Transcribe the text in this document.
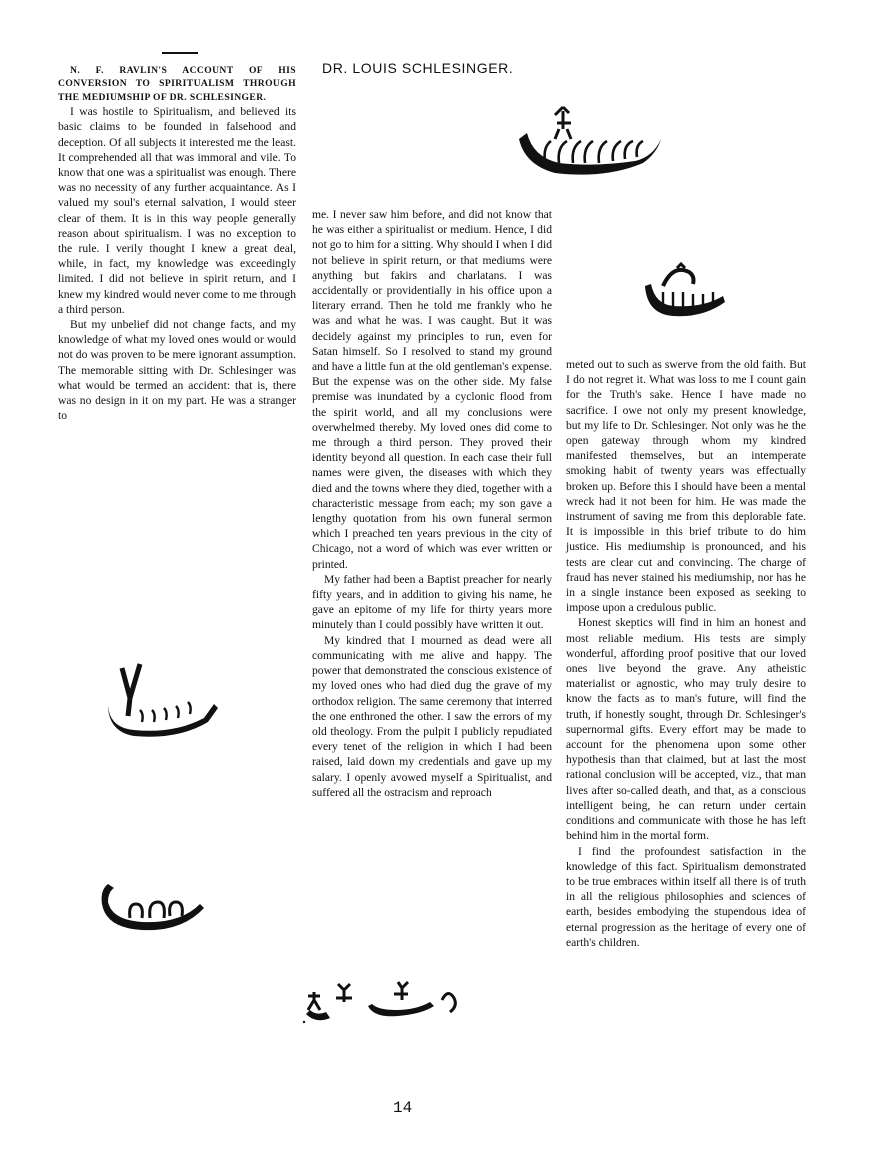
DR. LOUIS SCHLESINGER.

N. F. RAVLIN'S ACCOUNT OF HIS CONVERSION TO SPIRITUALISM THROUGH THE MEDIUMSHIP OF DR. SCHLESINGER.

I was hostile to Spiritualism, and believed its basic claims to be founded in falsehood and deception. Of all subjects it interested me the least. It comprehended all that was immoral and vile. To know that one was a spiritualist was enough. There was no necessity of any further acquaintance. As I valued my soul's eternal salvation, I would steer clear of them. It is in this way people generally reason about spiritualism. I was no exception to the rule. I verily thought I knew a great deal, while, in fact, my knowledge was exceedingly limited. I did not believe in spirit return, and I knew my kindred would never come to me through a third person.

But my unbelief did not change facts, and my knowledge of what my loved ones would or would not do was proven to be mere ignorant assumption. The memorable sitting with Dr. Schlesinger was what would be termed an accident: that is, there was no design in it on my part. He was a stranger to

me. I never saw him before, and did not know that he was either a spiritualist or medium. Hence, I did not go to him for a sitting. Why should I when I did not believe in spirit return, or that mediums were anything but fakirs and charlatans. I was accidentally or providentially in his office upon a literary errand. Then he told me frankly who he was and what he was. I was caught. But it was decidely against my principles to run, even for Satan himself. So I resolved to stand my ground and have a little fun at the old gentleman's expense. But the expense was on the other side. My false premise was inundated by a cyclonic flood from the spirit world, and all my conclusions were overwhelmed thereby. My loved ones did come to me through a third person. They proved their identity beyond all question. In each case their full names were given, the diseases with which they died and the towns where they died, together with a characteristic message from each; my son gave a lengthy quotation from his own funeral sermon which I preached ten years previous in the city of Chicago, not a word of which was ever written or printed.

My father had been a Baptist preacher for nearly fifty years, and in addition to giving his name, he gave an epitome of my life for thirty years more minutely than I could possibly have written it out.

My kindred that I mourned as dead were all communicating with me alive and happy. The power that demonstrated the conscious existence of my loved ones who had died dug the grave of my orthodox religion. The same ceremony that interred the one enthroned the other. I saw the errors of my old theology. From the pulpit I publicly repudiated every tenet of the religion in which I had been raised, laid down my credentials and gave up my salary. I openly avowed myself a Spiritualist, and suffered all the ostracism and reproach

meted out to such as swerve from the old faith. But I do not regret it. What was loss to me I count gain for the Truth's sake. Hence I have made no sacrifice. I owe not only my present knowledge, but my life to Dr. Schlesinger. Not only was he the open gateway through whom my kindred manifested themselves, but an intemperate smoking habit of twenty years was effectually broken up. Before this I should have been a mental wreck had it not been for him. He was made the instrument of saving me from this deplorable fate. It is impossible in this brief tribute to do him justice. His mediumship is pronounced, and his tests are clear cut and convincing. The charge of fraud has never stained his mediumship, nor has he in a single instance been exposed as seeking to impose upon a credulous public.

Honest skeptics will find in him an honest and most reliable medium. His tests are simply wonderful, affording proof positive that our loved ones live beyond the grave. Any atheistic materialist or agnostic, who may truly desire to know the facts as to man's future, will find the truth, if honestly sought, through Dr. Schlesinger's supernormal gifts. Every effort may be made to account for the phenomena upon some other hypothesis than that claimed, but at last the most rational conclusion will be accepted, viz., that man lives after so-called death, and that, as a conscious intelligent being, he can return under certain conditions and communicate with those he has left behind him in the mortal form.

I find the profoundest satisfaction in the knowledge of this fact. Spiritualism demonstrated to be true embraces within itself all there is of truth in all the religious philosophies and sciences of earth, besides embodying the stupendous idea of eternal progression as the heritage of every one of earth's children.

14
